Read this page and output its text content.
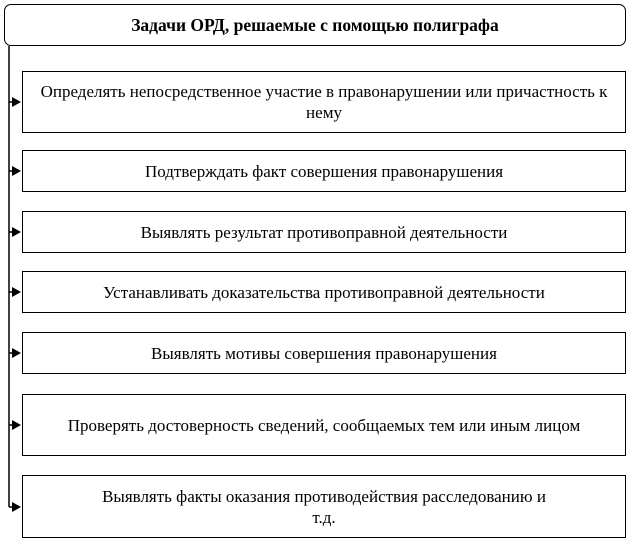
Задачи ОРД, решаемые с помощью полиграфа
Определять непосредственное участие в правонарушении или причастность к нему
Подтверждать факт совершения правонарушения
Выявлять результат противоправной деятельности
Устанавливать доказательства противоправной деятельности
Выявлять мотивы совершения правонарушения
Проверять достоверность сведений, сообщаемых тем или иным лицом
Выявлять факты оказания противодействия расследованию и т.д.
